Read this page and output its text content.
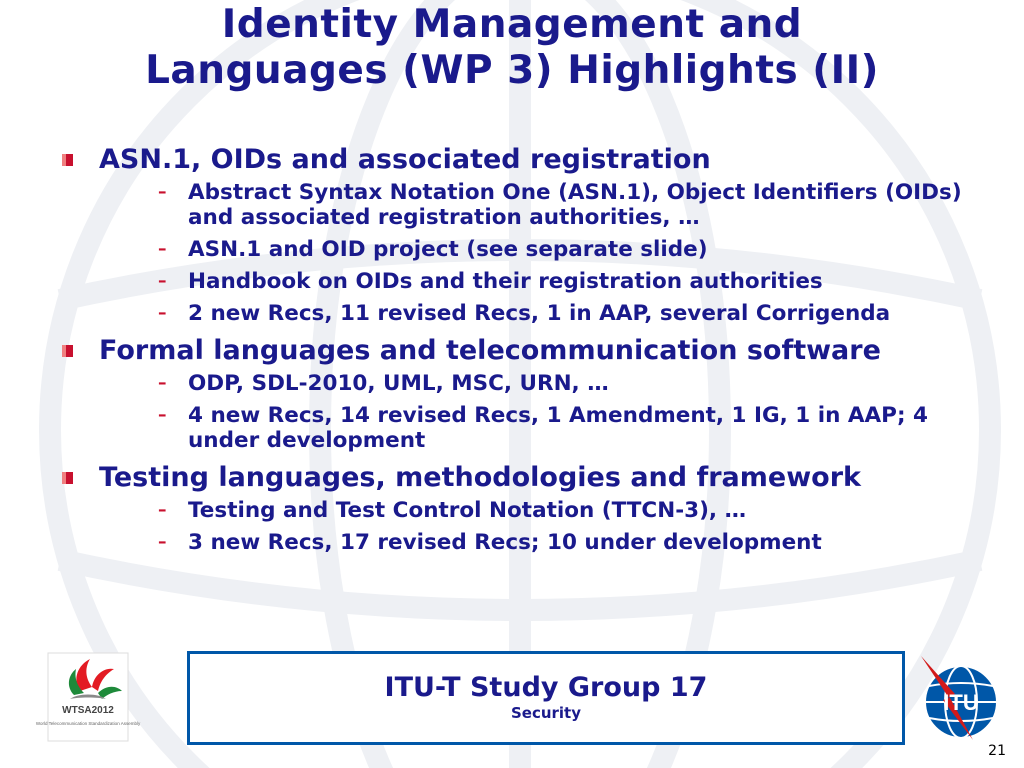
Identity Management and
Languages (WP 3) Highlights (II)
ASN.1, OIDs and associated registration
– Abstract Syntax Notation One (ASN.1), Object Identifiers (OIDs) and associated registration authorities, …
– ASN.1 and OID project (see separate slide)
– Handbook on OIDs and their registration authorities
– 2 new Recs, 11 revised Recs, 1 in AAP, several Corrigenda
Formal languages and telecommunication software
– ODP, SDL-2010, UML, MSC, URN, …
– 4 new Recs, 14 revised Recs, 1 Amendment, 1 IG, 1 in AAP; 4 under development
Testing languages, methodologies and framework
– Testing and Test Control Notation (TTCN-3), …
– 3 new Recs, 17 revised Recs; 10 under development
WTSA2012
World Telecommunication Standardization Assembly
ITU-T Study Group 17
Security	ITU
21
